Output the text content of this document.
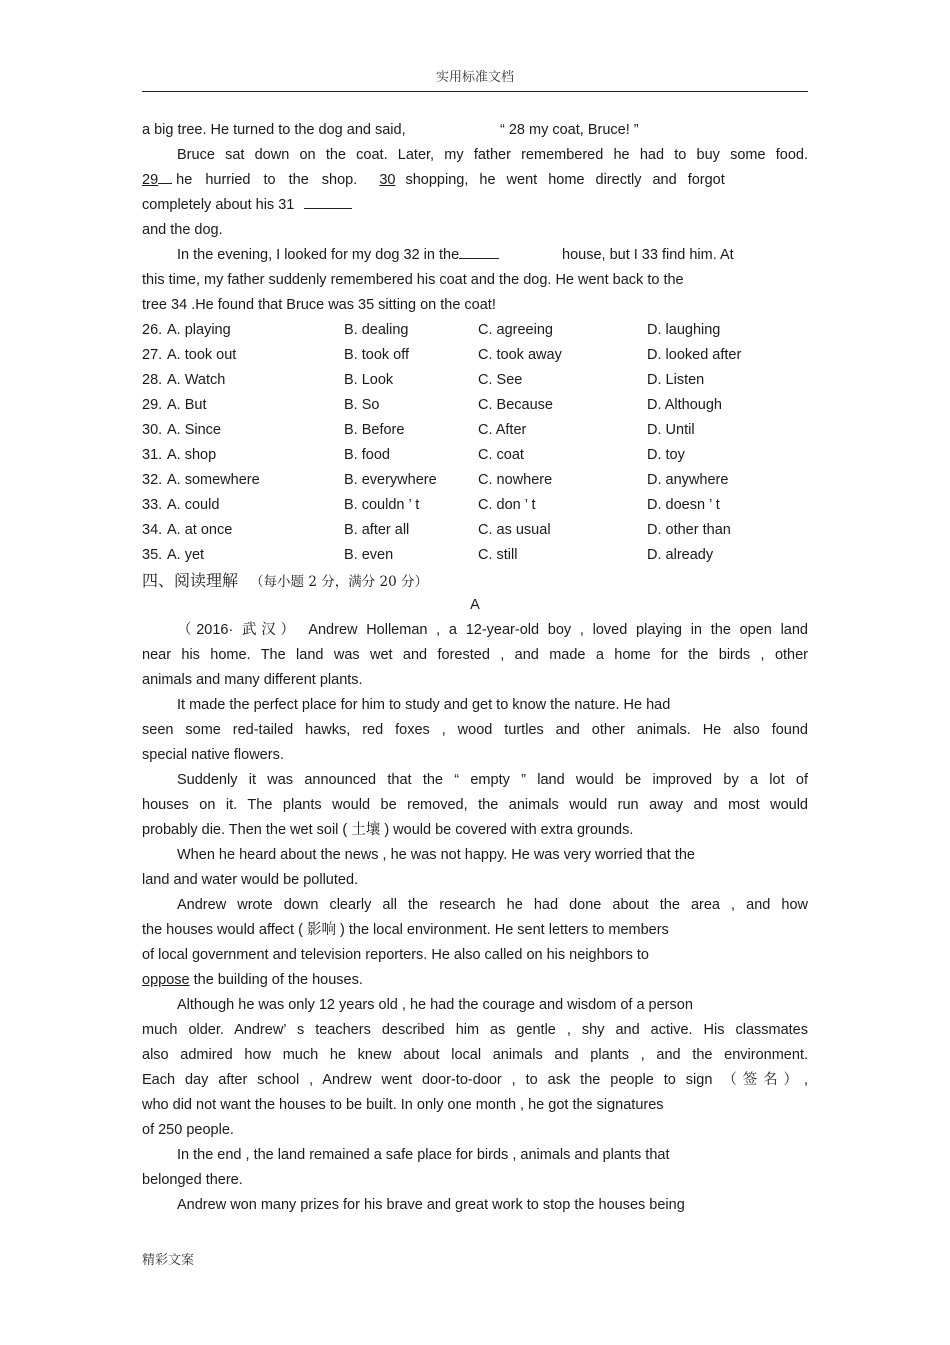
实用标准文档
a big tree. He turned to the dog and said,	“ 28 my coat, Bruce! ”
Bruce sat down on the coat. Later, my father remembered he had to buy some food.
29 he hurried to the shop. 30 shopping, he went home directly and forgot
completely about his 31
and the dog.
In the evening, I looked for my dog 32 in the	house, but I 33 find him. At
this time, my father suddenly remembered his coat and the dog. He went back to the
tree 34 .He found that Bruce was 35 sitting on the coat!
26. A. playing	B. dealing	C. agreeing	D. laughing
27. A. took out	B. took off	C. took away	D. looked after
28. A. Watch	B. Look	C. See	D. Listen
29. A. But	B. So	C. Because	D. Although
30. A. Since	B. Before	C. After	D. Until
31. A. shop	B. food	C. coat	D. toy
32. A. somewhere	B. everywhere	C. nowhere	D. anywhere
33. A. could	B. couldn ’ t	C. don ’ t	D. doesn ’ t
34. A. at once	B. after all	C. as usual	D. other than
35. A. yet	B. even	C. still	D. already
四、阅读理解 （每小题 2 分，满分 20 分）
A
（2016· 武汉） Andrew Holleman , a 12-year-old boy , loved playing in the open land
near his home. The land was wet and forested , and made a home for the birds , other
animals and many different plants.
It made the perfect place for him to study and get to know the nature. He had
seen some red-tailed hawks, red foxes , wood turtles and other animals. He also found
special native flowers.
Suddenly it was announced that the “ empty ” land would be improved by a lot of
houses on it. The plants would be removed, the animals would run away and most would
probably die. Then the wet soil ( 土壤 ) would be covered with extra grounds.
When he heard about the news , he was not happy. He was very worried that the
land and water would be polluted.
Andrew wrote down clearly all the research he had done about the area , and how
the houses would affect ( 影响 ) the local environment. He sent letters to members
of local government and television reporters. He also called on his neighbors to
oppose the building of the houses.
Although he was only 12 years old , he had the courage and wisdom of a person
much older. Andrew’ s teachers described him as gentle , shy and active. His classmates
also admired how much he knew about local animals and plants , and the environment.
Each day after school , Andrew went door-to-door , to ask the people to sign （签名）,
who did not want the houses to be built. In only one month , he got the signatures
of 250 people.
In the end , the land remained a safe place for birds , animals and plants that
belonged there.
Andrew won many prizes for his brave and great work to stop the houses being
精彩文案
